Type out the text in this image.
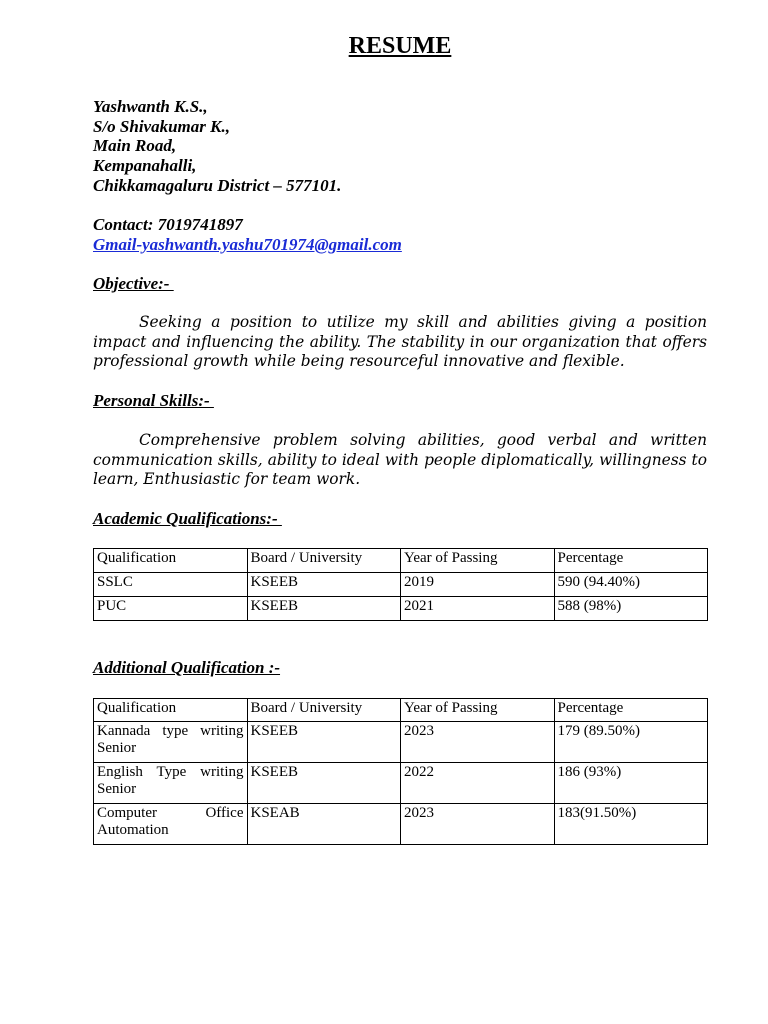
RESUME
Yashwanth K.S.,
S/o Shivakumar K.,
Main Road,
Kempanahalli,
Chikkamagaluru District – 577101.
Contact: 7019741897
Gmail-yashwanth.yashu701974@gmail.com
Objective:-

Seeking a position to utilize my skill and abilities giving a position impact and influencing the ability. The stability in our organization that offers professional growth while being resourceful innovative and flexible.

Personal Skills:-

Comprehensive problem solving abilities, good verbal and written communication skills, ability to ideal with people diplomatically, willingness to learn, Enthusiastic for team work.

Academic Qualifications:-
Qualification	Board / University	Year of Passing	Percentage
SSLC	KSEEB	2019	590 (94.40%)
PUC	KSEEB	2021	588 (98%)
Additional Qualification :-
Qualification	Board / University	Year of Passing	Percentage
Kannada type writing Senior	KSEEB	2023	179 (89.50%)
English Type writing Senior	KSEEB	2022	186 (93%)
Computer Office Automation	KSEAB	2023	183(91.50%)
